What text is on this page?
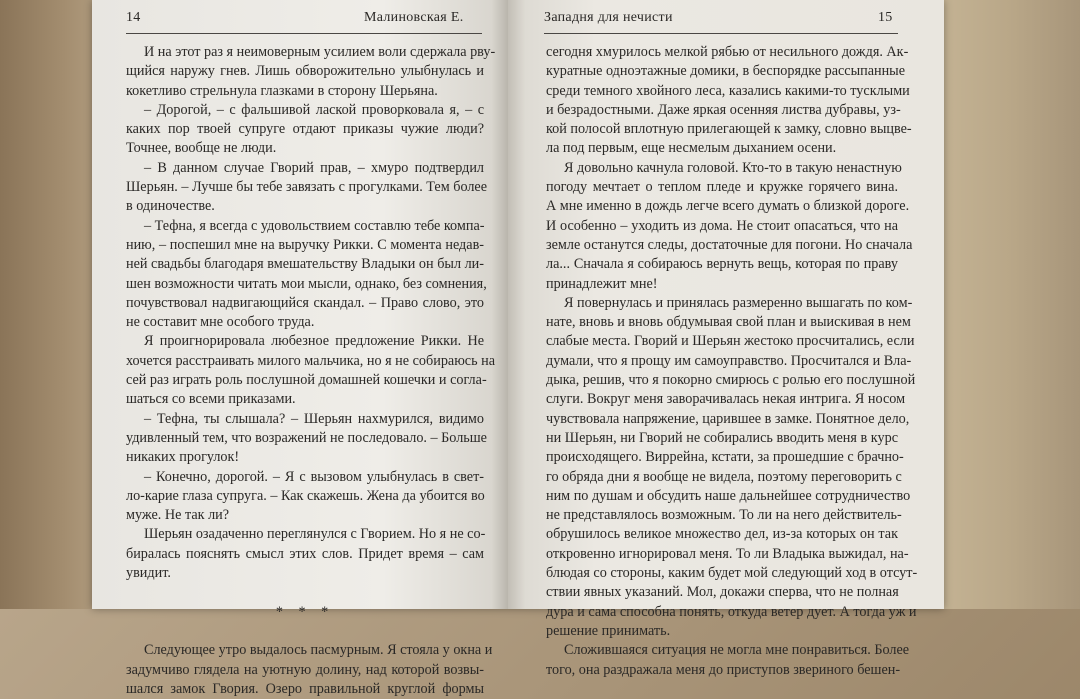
14	Малиновская Е.
И на этот раз я неимоверным усилием воли сдержала рву-
щийся наружу гнев. Лишь обворожительно улыбнулась и
кокетливо стрельнула глазками в сторону Шерьяна.
– Дорогой, – с фальшивой лаской проворковала я, – с
каких пор твоей супруге отдают приказы чужие люди?
Точнее, вообще не люди.
– В данном случае Гворий прав, – хмуро подтвердил
Шерьян. – Лучше бы тебе завязать с прогулками. Тем более
в одиночестве.
– Тефна, я всегда с удовольствием составлю тебе компа-
нию, – поспешил мне на выручку Рикки. С момента недав-
ней свадьбы благодаря вмешательству Владыки он был ли-
шен возможности читать мои мысли, однако, без сомнения,
почувствовал надвигающийся скандал. – Право слово, это
не составит мне особого труда.
Я проигнорировала любезное предложение Рикки. Не
хочется расстраивать милого мальчика, но я не собираюсь на
сей раз играть роль послушной домашней кошечки и согла-
шаться со всеми приказами.
– Тефна, ты слышала? – Шерьян нахмурился, видимо
удивленный тем, что возражений не последовало. – Больше
никаких прогулок!
– Конечно, дорогой. – Я с вызовом улыбнулась в свет-
ло-карие глаза супруга. – Как скажешь. Жена да убоится во
муже. Не так ли?
Шерьян озадаченно переглянулся с Гворием. Но я не со-
биралась пояснять смысл этих слов. Придет время – сам
увидит.

* * *

Следующее утро выдалось пасмурным. Я стояла у окна и
задумчиво глядела на уютную долину, над которой возвы-
шался замок Гвория. Озеро правильной круглой формы
Западня для нечисти	15
сегодня хмурилось мелкой рябью от несильного дождя. Ак-
куратные одноэтажные домики, в беспорядке рассыпанные
среди темного хвойного леса, казались какими-то тусклыми
и безрадостными. Даже яркая осенняя листва дубравы, уз-
кой полосой вплотную прилегающей к замку, словно выцве-
ла под первым, еще несмелым дыханием осени.
Я довольно качнула головой. Кто-то в такую ненастную
погоду мечтает о теплом пледе и кружке горячего вина.
А мне именно в дождь легче всего думать о близкой дороге.
И особенно – уходить из дома. Не стоит опасаться, что на
земле останутся следы, достаточные для погони. Но сначала
ла... Сначала я собираюсь вернуть вещь, которая по праву
принадлежит мне!
Я повернулась и принялась размеренно вышагать по ком-
нате, вновь и вновь обдумывая свой план и выискивая в нем
слабые места. Гворий и Шерьян жестоко просчитались, если
думали, что я прощу им самоуправство. Просчитался и Вла-
дыка, решив, что я покорно смирюсь с ролью его послушной
слуги. Вокруг меня заворачивалась некая интрига. Я носом
чувствовала напряжение, царившее в замке. Понятное дело,
ни Шерьян, ни Гворий не собирались вводить меня в курс
происходящего. Виррейна, кстати, за прошедшие с брачно-
го обряда дни я вообще не видела, поэтому переговорить с
ним по душам и обсудить наше дальнейшее сотрудничество
не представлялось возможным. То ли на него действитель-
обрушилось великое множество дел, из-за которых он так
откровенно игнорировал меня. То ли Владыка выжидал, на-
блюдая со стороны, каким будет мой следующий ход в отсут-
ствии явных указаний. Мол, докажи сперва, что не полная
дура и сама способна понять, откуда ветер дует. А тогда уж и
решение принимать.
Сложившаяся ситуация не могла мне понравиться. Более
того, она раздражала меня до приступов звериного бешен-
